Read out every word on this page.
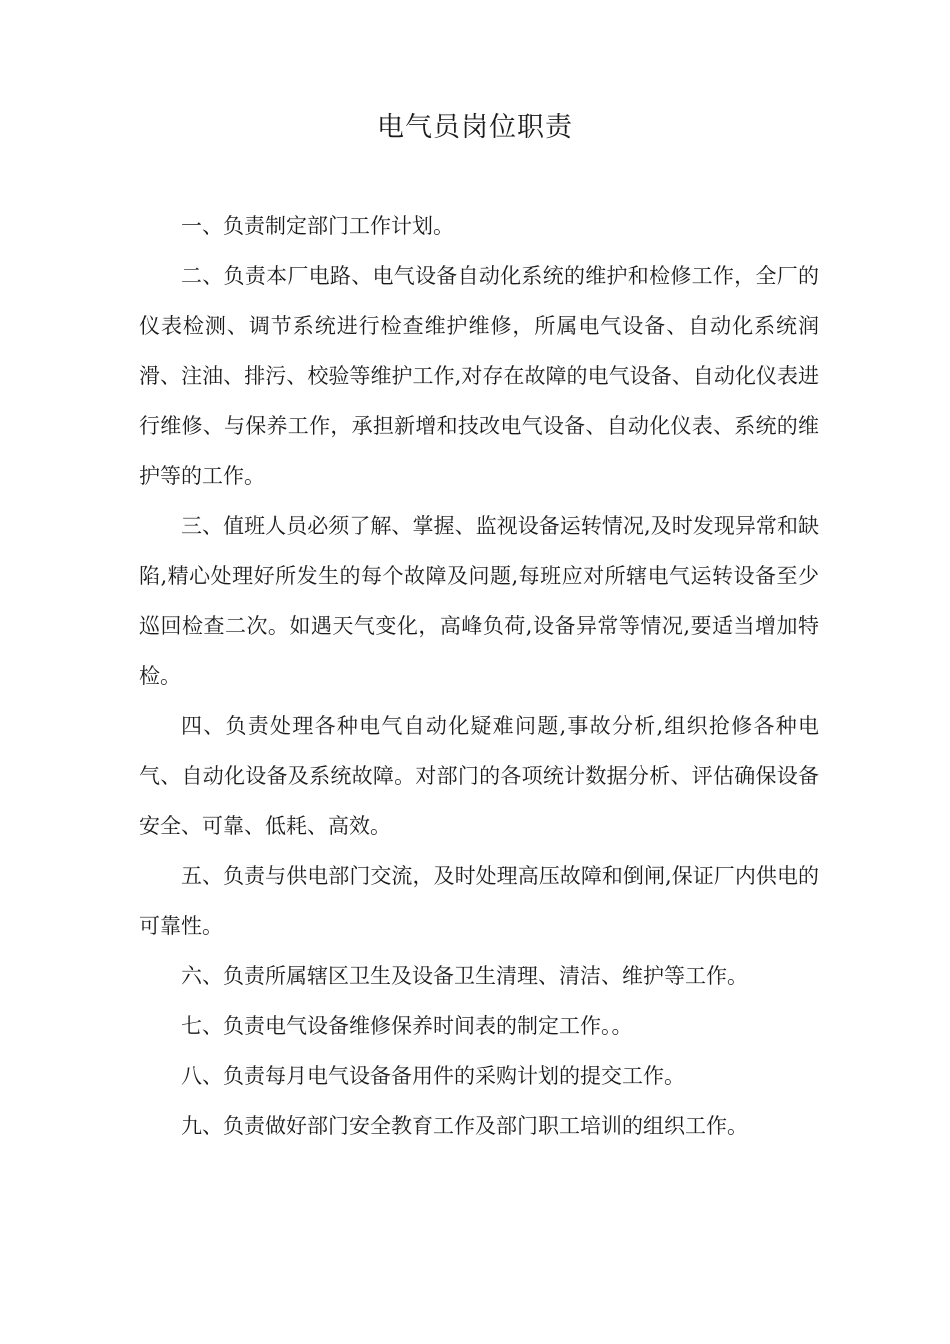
电气员岗位职责

一、负责制定部门工作计划。

二、负责本厂电路、电气设备自动化系统的维护和检修工作，全厂的仪表检测、调节系统进行检查维护维修，所属电气设备、自动化系统润滑、注油、排污、校验等维护工作,对存在故障的电气设备、自动化仪表进行维修、与保养工作，承担新增和技改电气设备、自动化仪表、系统的维护等的工作。

三、值班人员必须了解、掌握、监视设备运转情况,及时发现异常和缺陷,精心处理好所发生的每个故障及问题,每班应对所辖电气运转设备至少巡回检查二次。如遇天气变化，高峰负荷,设备异常等情况,要适当增加特检。

四、负责处理各种电气自动化疑难问题,事故分析,组织抢修各种电气、自动化设备及系统故障。对部门的各项统计数据分析、评估确保设备安全、可靠、低耗、高效。

五、负责与供电部门交流，及时处理高压故障和倒闸,保证厂内供电的可靠性。

六、负责所属辖区卫生及设备卫生清理、清洁、维护等工作。

七、负责电气设备维修保养时间表的制定工作。。

八、负责每月电气设备备用件的采购计划的提交工作。

九、负责做好部门安全教育工作及部门职工培训的组织工作。
